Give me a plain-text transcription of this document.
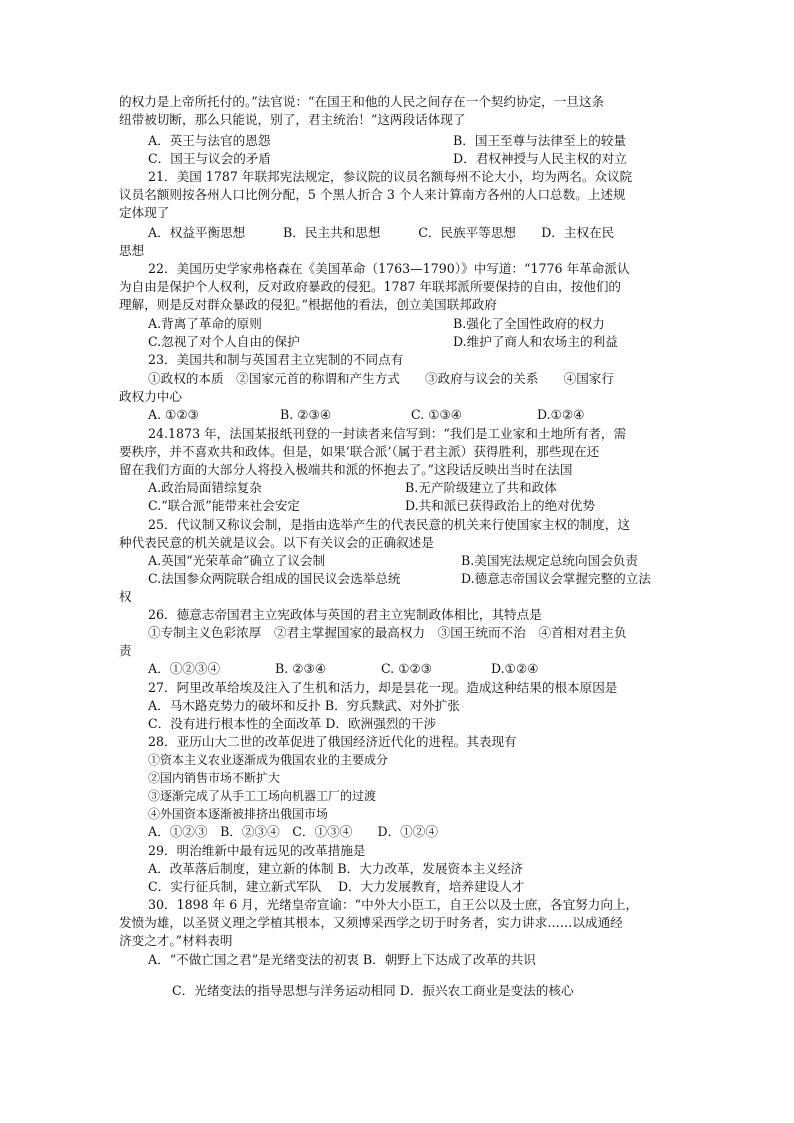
的权力是上帝所托付的。”法官说：“在国王和他的人民之间存在一个契约协定，一旦这条
纽带被切断，那么只能说，别了，君主统治！”这两段话体现了
A．英王与法官的恩怨	B．国王至尊与法律至上的较量
C．国王与议会的矛盾	D．君权神授与人民主权的对立
21．美国 1787 年联邦宪法规定，参议院的议员名额每州不论大小，均为两名。众议院
议员名额则按各州人口比例分配，5 个黑人折合 3 个人来计算南方各州的人口总数。上述规
定体现了
A．权益平衡思想　　　B．民主共和思想　　　C．民族平等思想　　D．主权在民
思想
22．美国历史学家弗格森在《美国革命（1763—1790）》中写道：“1776 年革命派认
为自由是保护个人权利，反对政府暴政的侵犯。1787 年联邦派所要保持的自由，按他们的
理解，则是反对群众暴政的侵犯。”根据他的看法，创立美国联邦政府
A.背离了革命的原则	B.强化了全国性政府的权力
C.忽视了对个人自由的保护	D.维护了商人和农场主的利益
23．美国共和制与英国君主立宪制的不同点有
①政权的本质　②国家元首的称谓和产生方式　　③政府与议会的关系　　④国家行
政权力中心
A. ①②③	B. ②③④	C. ①③④	D.①②④
24.1873 年，法国某报纸刊登的一封读者来信写到：“我们是工业家和土地所有者，需
要秩序，并不喜欢共和政体。但是，如果‘联合派’（属于君主派）获得胜利，那些现在还
留在我们方面的大部分人将投入极端共和派的怀抱去了。”这段话反映出当时在法国
A.政治局面错综复杂	B.无产阶级建立了共和政体
C.“联合派”能带来社会安定	D.共和派已获得政治上的绝对优势
25．代议制又称议会制，是指由选举产生的代表民意的机关来行使国家主权的制度，这
种代表民意的机关就是议会。以下有关议会的正确叙述是
A.英国“光荣革命”确立了议会制	B.美国宪法规定总统向国会负责
C.法国参众两院联合组成的国民议会选举总统	D.德意志帝国议会掌握完整的立法
权
26．德意志帝国君主立宪政体与英国的君主立宪制政体相比，其特点是
①专制主义色彩浓厚　②君主掌握国家的最高权力　③国王统而不治　④首相对君主负
责
A．①②③④	B. ②③④	C. ①②③	D.①②④
27．阿里改革给埃及注入了生机和活力，却是昙花一现。造成这种结果的根本原因是
A．马木路克势力的破坏和反扑 B．穷兵黩武、对外扩张
C．没有进行根本性的全面改革 D．欧洲强烈的干涉
28．亚历山大二世的改革促进了俄国经济近代化的进程。其表现有
①资本主义农业逐渐成为俄国农业的主要成分
②国内销售市场不断扩大
③逐渐完成了从手工工场向机器工厂的过渡
④外国资本逐渐被排挤出俄国市场
A．①②③　B．②③④　C．①③④　　D．①②④
29．明治维新中最有远见的改革措施是
A．改革落后制度，建立新的体制 B．大力改革，发展资本主义经济
C．实行征兵制，建立新式军队　 D．大力发展教育，培养建设人才
30．1898 年 6 月，光绪皇帝宣谕：“中外大小臣工，自王公以及士庶，各宜努力向上，
发愤为雄，以圣贤义理之学植其根本，又须博采西学之切于时务者，实力讲求……以成通经
济变之才。”材料表明
A．“不做亡国之君”是光绪变法的初衷 B．朝野上下达成了改革的共识
C．光绪变法的指导思想与洋务运动相同 D．振兴农工商业是变法的核心
